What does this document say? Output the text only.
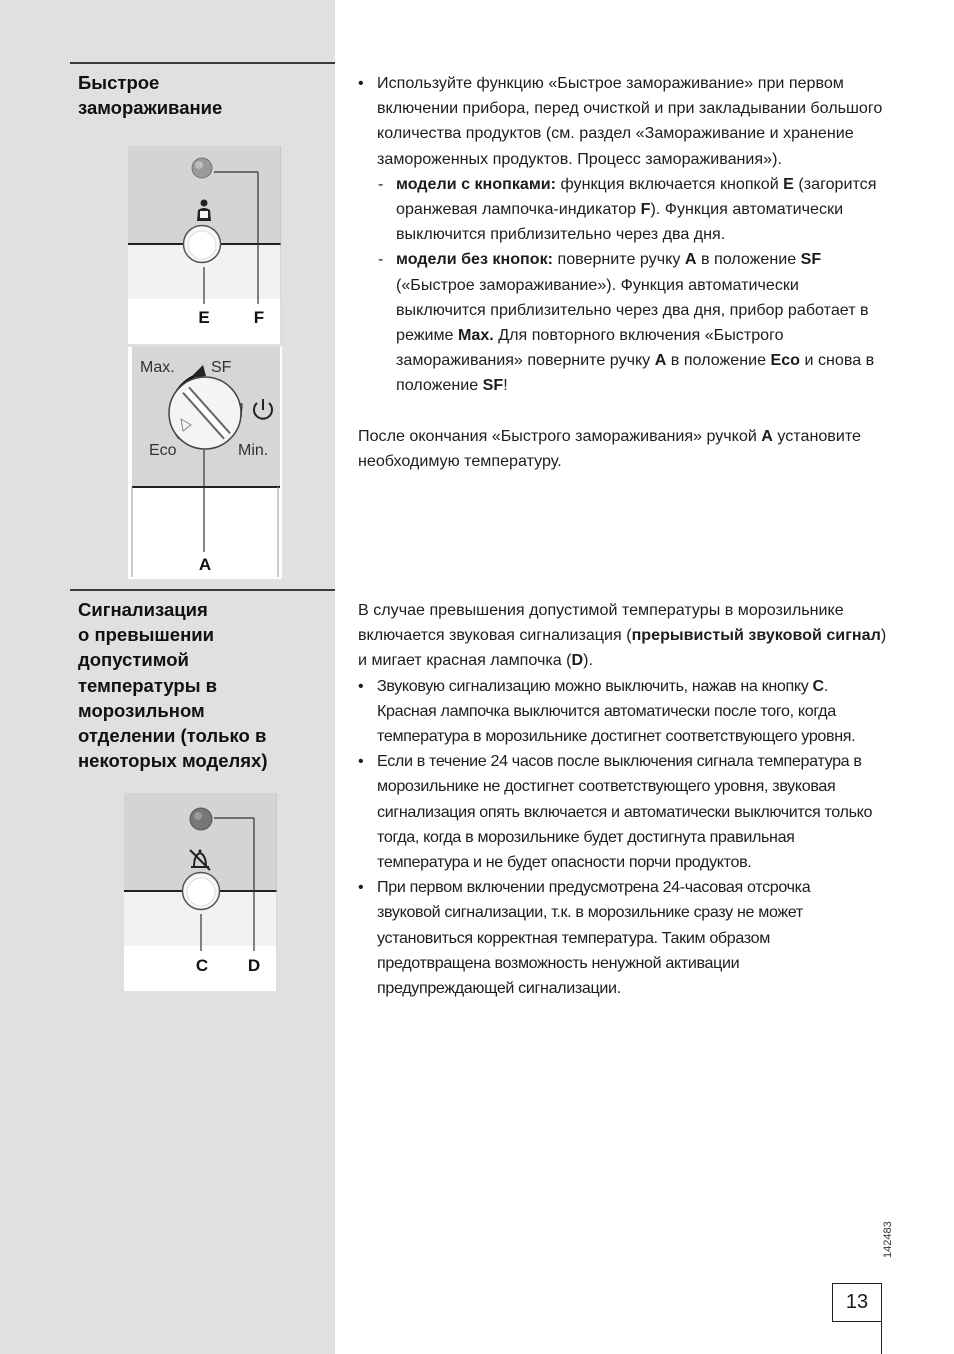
Быстрое
замораживание
E	F
Max. SF
Eco	Min.
A

• Используйте функцию «Быстрое замораживание» при первом включении прибора, перед очисткой и при закладывании большого количества продуктов (см. раздел «Замораживание и хранение замороженных продуктов. Процесс замораживания»).

- модели с кнопками: функция включается кнопкой E (загорится оранжевая лампочка-индикатор F). Функция автоматически выключится приблизительно через два дня.

- модели без кнопок: поверните ручку A в положение SF («Быстрое замораживание»). Функция автоматически выключится приблизительно через два дня, прибор работает в режиме Max. Для повторного включения «Быстрого замораживания» поверните ручку A в положение Eco и снова в положение SF!

После окончания «Быстрого замораживания» ручкой A установите необходимую температуру.

Сигнализация
о превышении
допустимой
температуры в
морозильном
отделении (только в
некоторых моделях)
C D

В случае превышения допустимой температуры в морозильнике включается звуковая сигнализация (прерывистый звуковой сигнал) и мигает красная лампочка (D).

• Звуковую сигнализацию можно выключить, нажав на кнопку C. Красная лампочка выключится автоматически после того, когда температура в морозильнике достигнет соответствующего уровня.

• Если в течение 24 часов после выключения сигнала температура в морозильнике не достигнет соответствующего уровня, звуковая сигнализация опять включается и автоматически выключится только тогда, когда в морозильнике будет достигнута правильная температура и не будет опасности порчи продуктов.

• При первом включении предусмотрена 24-часовая отсрочка звуковой сигнализации, т.к. в морозильнике сразу не может установиться корректная температура. Таким образом предотвращена возможность ненужной активации предупреждающей сигнализации.

142483
13
